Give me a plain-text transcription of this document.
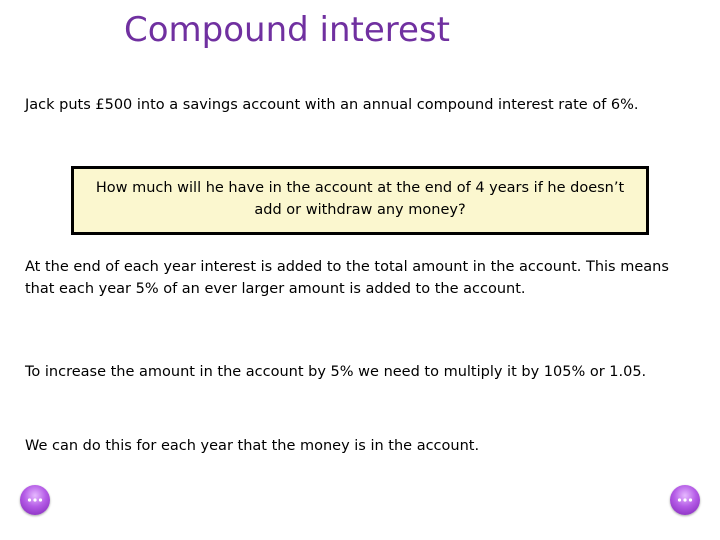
Compound interest
Jack puts £500 into a savings account with an annual compound interest rate of 6%.
How much will he have in the account at the end of 4 years if he doesn’t add or withdraw any money?
At the end of each year interest is added to the total amount in the account. This means that each year 5% of an ever larger amount is added to the account.
To increase the amount in the account by 5% we need to multiply it by 105% or 1.05.
We can do this for each year that the money is in the account.
